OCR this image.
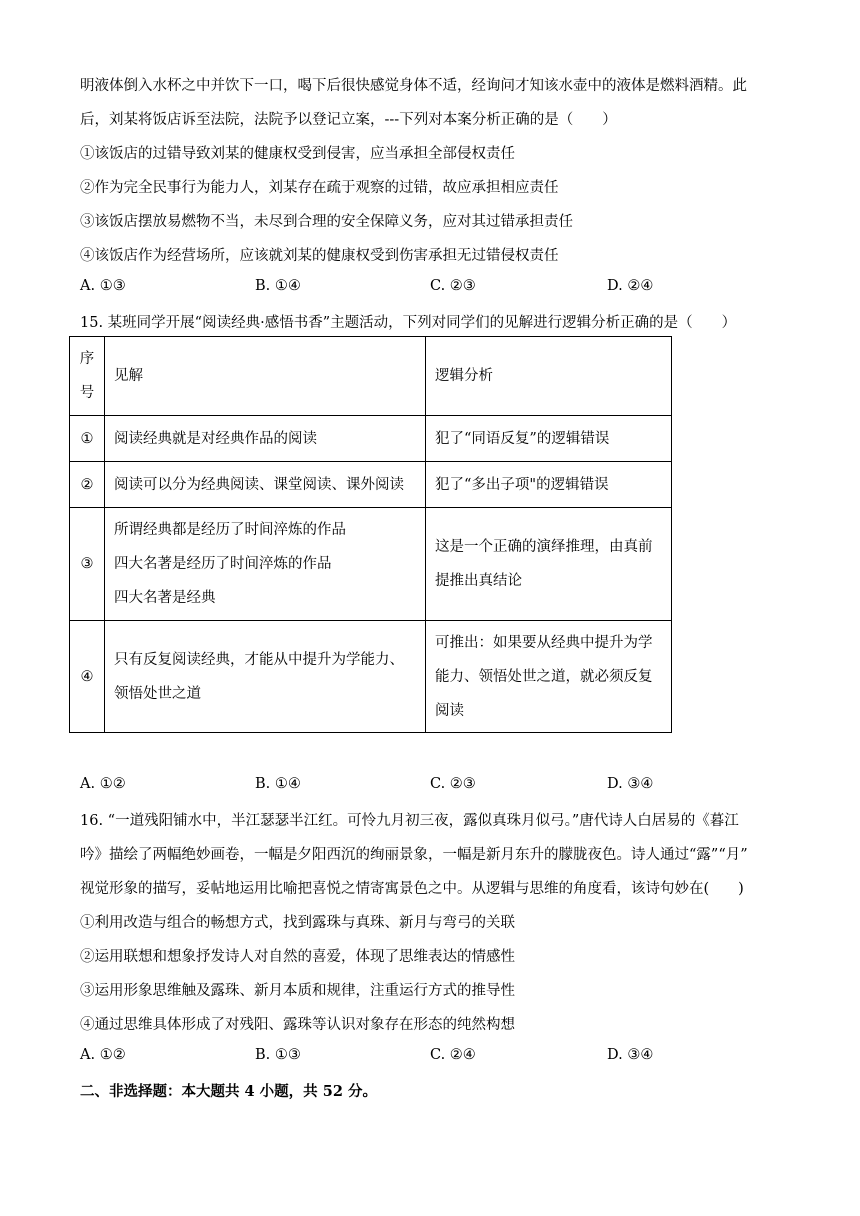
明液体倒入水杯之中并饮下一口，喝下后很快感觉身体不适，经询问才知该水壶中的液体是燃料酒精。此
后，刘某将饭店诉至法院，法院予以登记立案，---下列对本案分析正确的是（　　）
①该饭店的过错导致刘某的健康权受到侵害，应当承担全部侵权责任
②作为完全民事行为能力人，刘某存在疏于观察的过错，故应承担相应责任
③该饭店摆放易燃物不当，未尽到合理的安全保障义务，应对其过错承担责任
④该饭店作为经营场所，应该就刘某的健康权受到伤害承担无过错侵权责任
A. ①③	B. ①④	C. ②③	D. ②④
15. 某班同学开展“阅读经典·感悟书香”主题活动，下列对同学们的见解进行逻辑分析正确的是（　　）
序
号	见解	逻辑分析
①	阅读经典就是对经典作品的阅读	犯了“同语反复”的逻辑错误

②	阅读可以分为经典阅读、课堂阅读、课外阅读	犯了“多出子项"的逻辑错误

③	所谓经典都是经历了时间淬炼的作品
四大名著是经历了时间淬炼的作品
四大名著是经典	这是一个正确的演绎推理，由真前
提推出真结论

④	只有反复阅读经典，才能从中提升为学能力、
领悟处世之道	可推出：如果要从经典中提升为学
能力、领悟处世之道，就必须反复
阅读
A. ①②	B. ①④	C. ②③	D. ③④
16. “一道残阳铺水中，半江瑟瑟半江红。可怜九月初三夜，露似真珠月似弓。”唐代诗人白居易的《暮江
吟》描绘了两幅绝妙画卷，一幅是夕阳西沉的绚丽景象，一幅是新月东升的朦胧夜色。诗人通过“露”“月”
视觉形象的描写，妥帖地运用比喻把喜悦之情寄寓景色之中。从逻辑与思维的角度看，该诗句妙在(　　)
①利用改造与组合的畅想方式，找到露珠与真珠、新月与弯弓的关联
②运用联想和想象抒发诗人对自然的喜爱，体现了思维表达的情感性
③运用形象思维触及露珠、新月本质和规律，注重运行方式的推导性
④通过思维具体形成了对残阳、露珠等认识对象存在形态的纯然构想
A. ①②	B. ①③	C. ②④	D. ③④
二、非选择题：本大题共 4 小题，共 52 分。
